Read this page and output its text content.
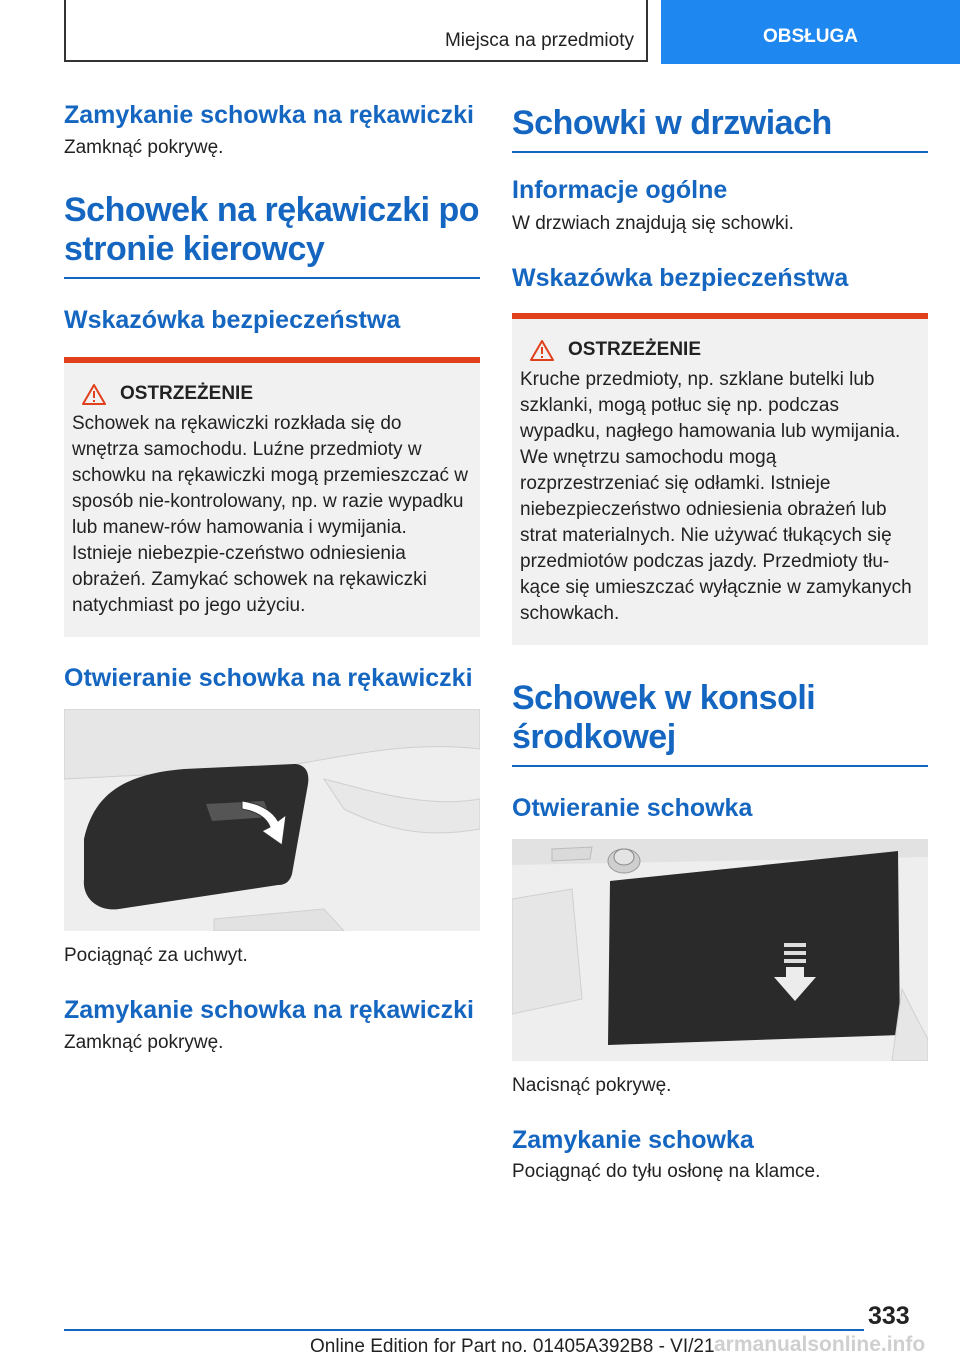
Miejsca na przedmioty	OBSŁUGA
Zamykanie schowka na rękawiczki

Zamknąć pokrywę.

Schowek na rękawiczki po stronie kierowcy
Wskazówka bezpieczeństwa
OSTRZEŻENIE
Schowek na rękawiczki rozkłada się do wnętrza samochodu. Luźne przedmioty w schowku na rękawiczki mogą przemieszczać w sposób nie‐kontrolowany, np. w razie wypadku lub manew‐rów hamowania i wymijania. Istnieje niebezpie‐czeństwo odniesienia obrażeń. Zamykać schowek na rękawiczki natychmiast po jego użyciu.
Otwieranie schowka na rękawiczki

Pociągnąć za uchwyt.

Zamykanie schowka na rękawiczki

Zamknąć pokrywę.

Schowki w drzwiach
Informacje ogólne

W drzwiach znajdują się schowki.

Wskazówka bezpieczeństwa
OSTRZEŻENIE
Kruche przedmioty, np. szklane butelki lub szklanki, mogą potłuc się np. podczas wypadku, nagłego hamowania lub wymijania. We wnętrzu samochodu mogą rozprzestrzeniać się odłamki. Istnieje niebezpieczeństwo odniesienia obrażeń lub strat materialnych. Nie używać tłukących się przedmiotów podczas jazdy. Przedmioty tłu‐kące się umieszczać wyłącznie w zamykanych schowkach.
Schowek w konsoli środkowej
Otwieranie schowka

Nacisnąć pokrywę.

Zamykanie schowka

Pociągnąć do tyłu osłonę na klamce.

333
Online Edition for Part no. 01405A392B8 - VI/21 armanualsonline.info
